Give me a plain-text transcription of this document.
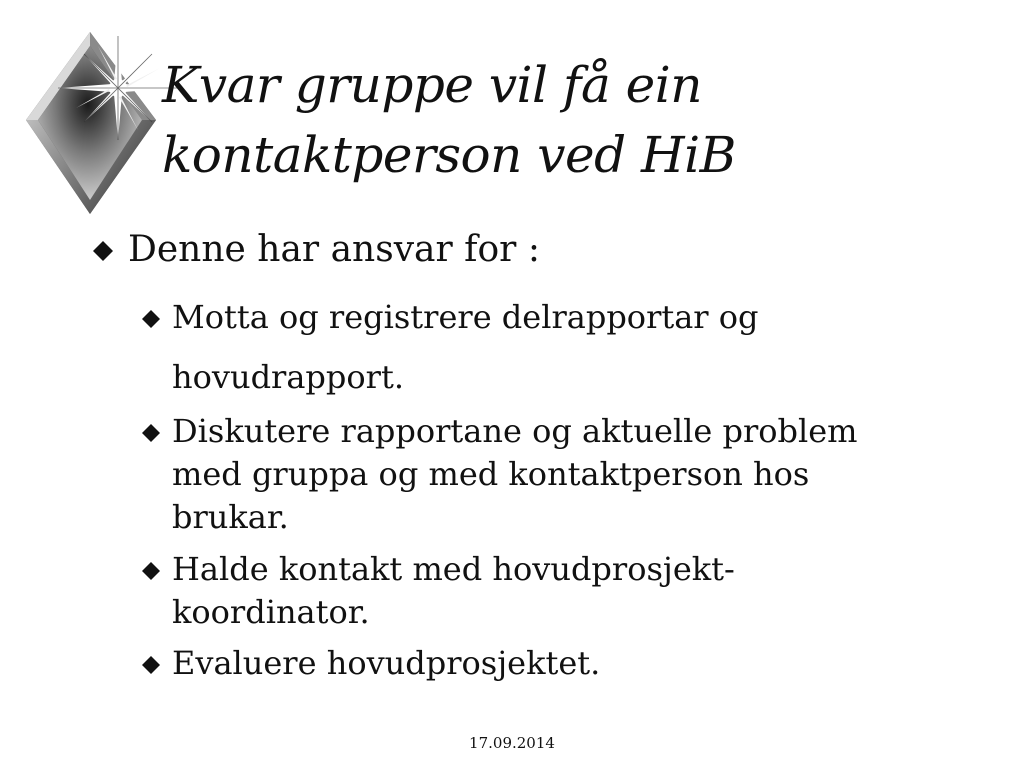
Kvar gruppe vil få ein
kontaktperson ved HiB
Denne har ansvar for :
Motta og registrere delrapportar og
hovudrapport.
Diskutere rapportane og aktuelle problem
med gruppa og med kontaktperson hos
brukar.
Halde kontakt med hovudprosjekt-
koordinator.
Evaluere hovudprosjektet.
17.09.2014
